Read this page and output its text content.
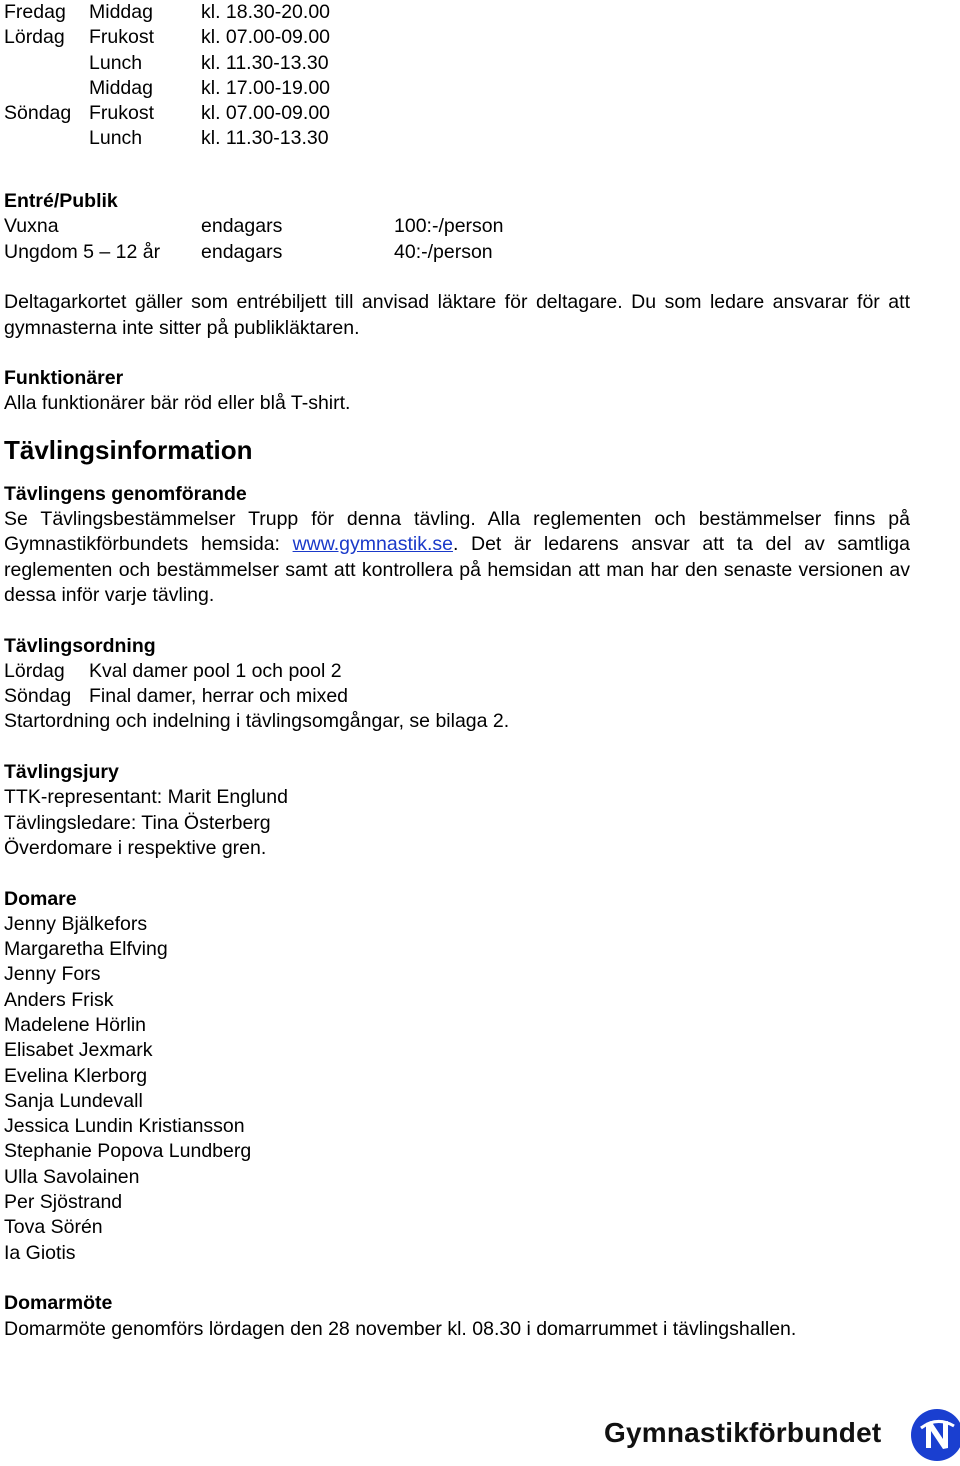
Fredag Middag kl. 18.30-20.00
Lördag Frukost kl. 07.00-09.00
Lunch	kl. 11.30-13.30
Middag kl. 17.00-19.00
Söndag Frukost kl. 07.00-09.00
Lunch	kl. 11.30-13.30
Entré/Publik
Vuxna	endagars	100:-/person
Ungdom 5 – 12 år endagars	40:-/person
Deltagarkortet gäller som entrébiljett till anvisad läktare för deltagare. Du som ledare ansvarar för att gymnasterna inte sitter på publikläktaren.
Funktionärer
Alla funktionärer bär röd eller blå T-shirt.
Tävlingsinformation
Tävlingens genomförande
Se Tävlingsbestämmelser Trupp för denna tävling. Alla reglementen och bestämmelser finns på Gymnastikförbundets hemsida: www.gymnastik.se. Det är ledarens ansvar att ta del av samtliga reglementen och bestämmelser samt att kontrollera på hemsidan att man har den senaste versionen av dessa inför varje tävling.
Tävlingsordning
Lördag Kval damer pool 1 och pool 2
Söndag Final damer, herrar och mixed
Startordning och indelning i tävlingsomgångar, se bilaga 2.
Tävlingsjury
TTK-representant: Marit Englund
Tävlingsledare: Tina Österberg
Överdomare i respektive gren.
Domare
Jenny Bjälkefors
Margaretha Elfving
Jenny Fors
Anders Frisk
Madelene Hörlin
Elisabet Jexmark
Evelina Klerborg
Sanja Lundevall
Jessica Lundin Kristiansson
Stephanie Popova Lundberg
Ulla Savolainen
Per Sjöstrand
Tova Sörén
Ia Giotis
Domarmöte
Domarmöte genomförs lördagen den 28 november kl. 08.30 i domarrummet i tävlingshallen.
Gymnastikförbundet
